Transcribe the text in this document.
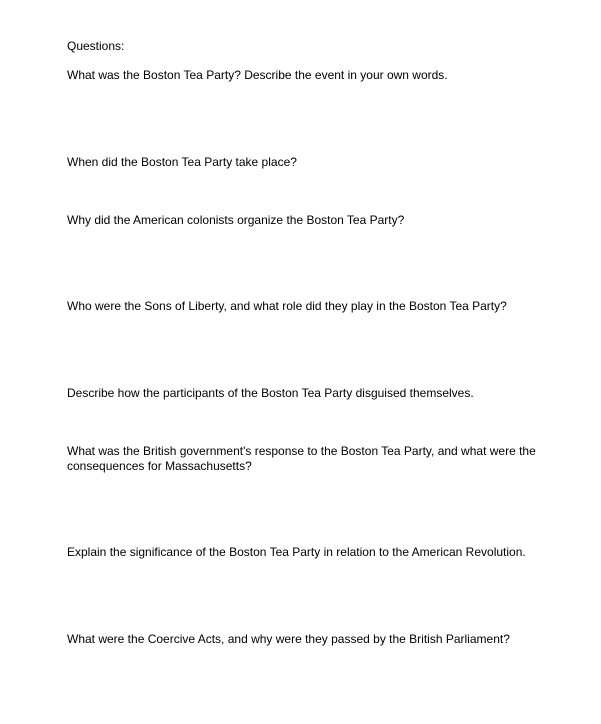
Questions:

What was the Boston Tea Party? Describe the event in your own words.

When did the Boston Tea Party take place?

Why did the American colonists organize the Boston Tea Party?

Who were the Sons of Liberty, and what role did they play in the Boston Tea Party?

Describe how the participants of the Boston Tea Party disguised themselves.

What was the British government's response to the Boston Tea Party, and what were the consequences for Massachusetts?

Explain the significance of the Boston Tea Party in relation to the American Revolution.

What were the Coercive Acts, and why were they passed by the British Parliament?
